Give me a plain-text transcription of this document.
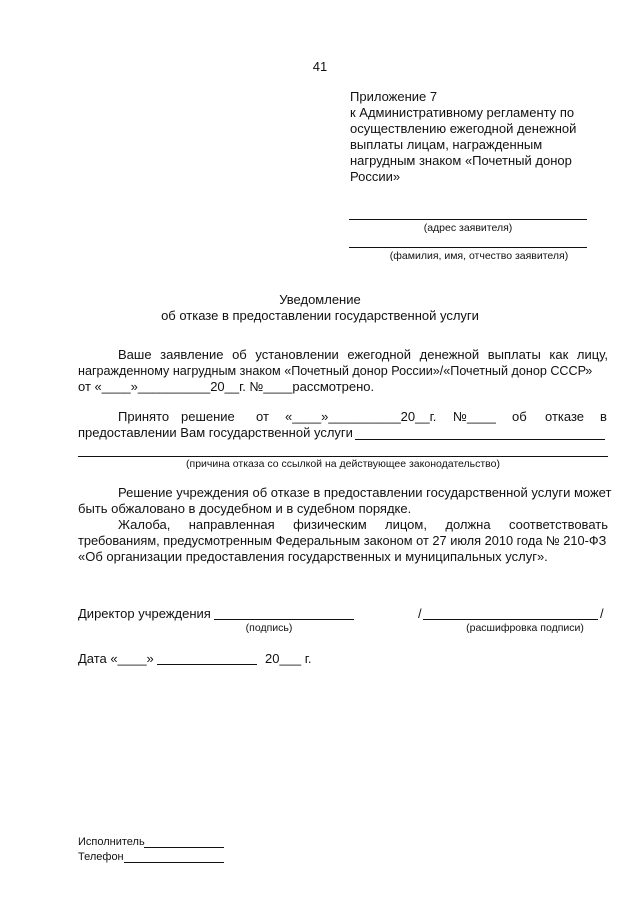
41
Приложение 7
к Административному регламенту по
осуществлению ежегодной денежной
выплаты лицам, награжденным
нагрудным знаком «Почетный донор
России»
(адрес заявителя)
(фамилия, имя, отчество заявителя)
Уведомление
об отказе в предоставлении государственной услуги
Ваше заявление об установлении ежегодной денежной выплаты как лицу,
награжденному нагрудным знаком «Почетный донор России»/«Почетный донор СССР»
от «____»__________20__г. №____рассмотрено.
Принято решение от «____»__________20__г. №____ об отказе в
предоставлении Вам государственной услуги
(причина отказа со ссылкой на действующее законодательство)
Решение учреждения об отказе в предоставлении государственной услуги может
быть обжаловано в досудебном и в судебном порядке.
Жалоба, направленная физическим лицом, должна соответствовать
требованиям, предусмотренным Федеральным законом от 27 июля 2010 года № 210-ФЗ
«Об организации предоставления государственных и муниципальных услуг».
Директор учреждения
(подпись)
/	/
(расшифровка подписи)
Дата «____»	20___ г.
Исполнитель
Телефон
